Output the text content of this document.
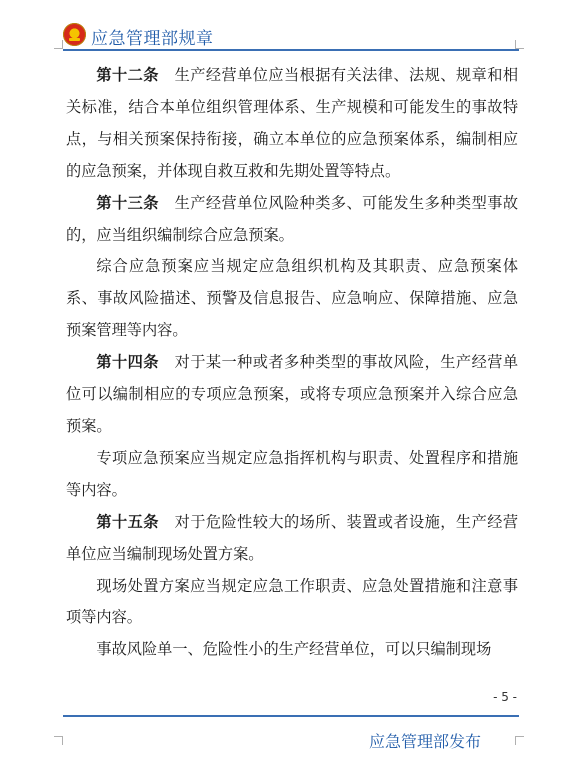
应急管理部规章

第十二条　 生产经营单位应当根据有关法律、法规、规章和相关标准，结合本单位组织管理体系、生产规模和可能发生的事故特点，与相关预案保持衔接，确立本单位的应急预案体系，编制相应的应急预案，并体现自救互救和先期处置等特点。

第十三条　 生产经营单位风险种类多、可能发生多种类型事故的，应当组织编制综合应急预案。

综合应急预案应当规定应急组织机构及其职责、应急预案体系、事故风险描述、预警及信息报告、应急响应、保障措施、应急预案管理等内容。

第十四条　 对于某一种或者多种类型的事故风险，生产经营单位可以编制相应的专项应急预案，或将专项应急预案并入综合应急预案。

专项应急预案应当规定应急指挥机构与职责、处置程序和措施等内容。

第十五条　 对于危险性较大的场所、装置或者设施，生产经营单位应当编制现场处置方案。

现场处置方案应当规定应急工作职责、应急处置措施和注意事项等内容。

事故风险单一、危险性小的生产经营单位，可以只编制现场

- 5 -
应急管理部发布
